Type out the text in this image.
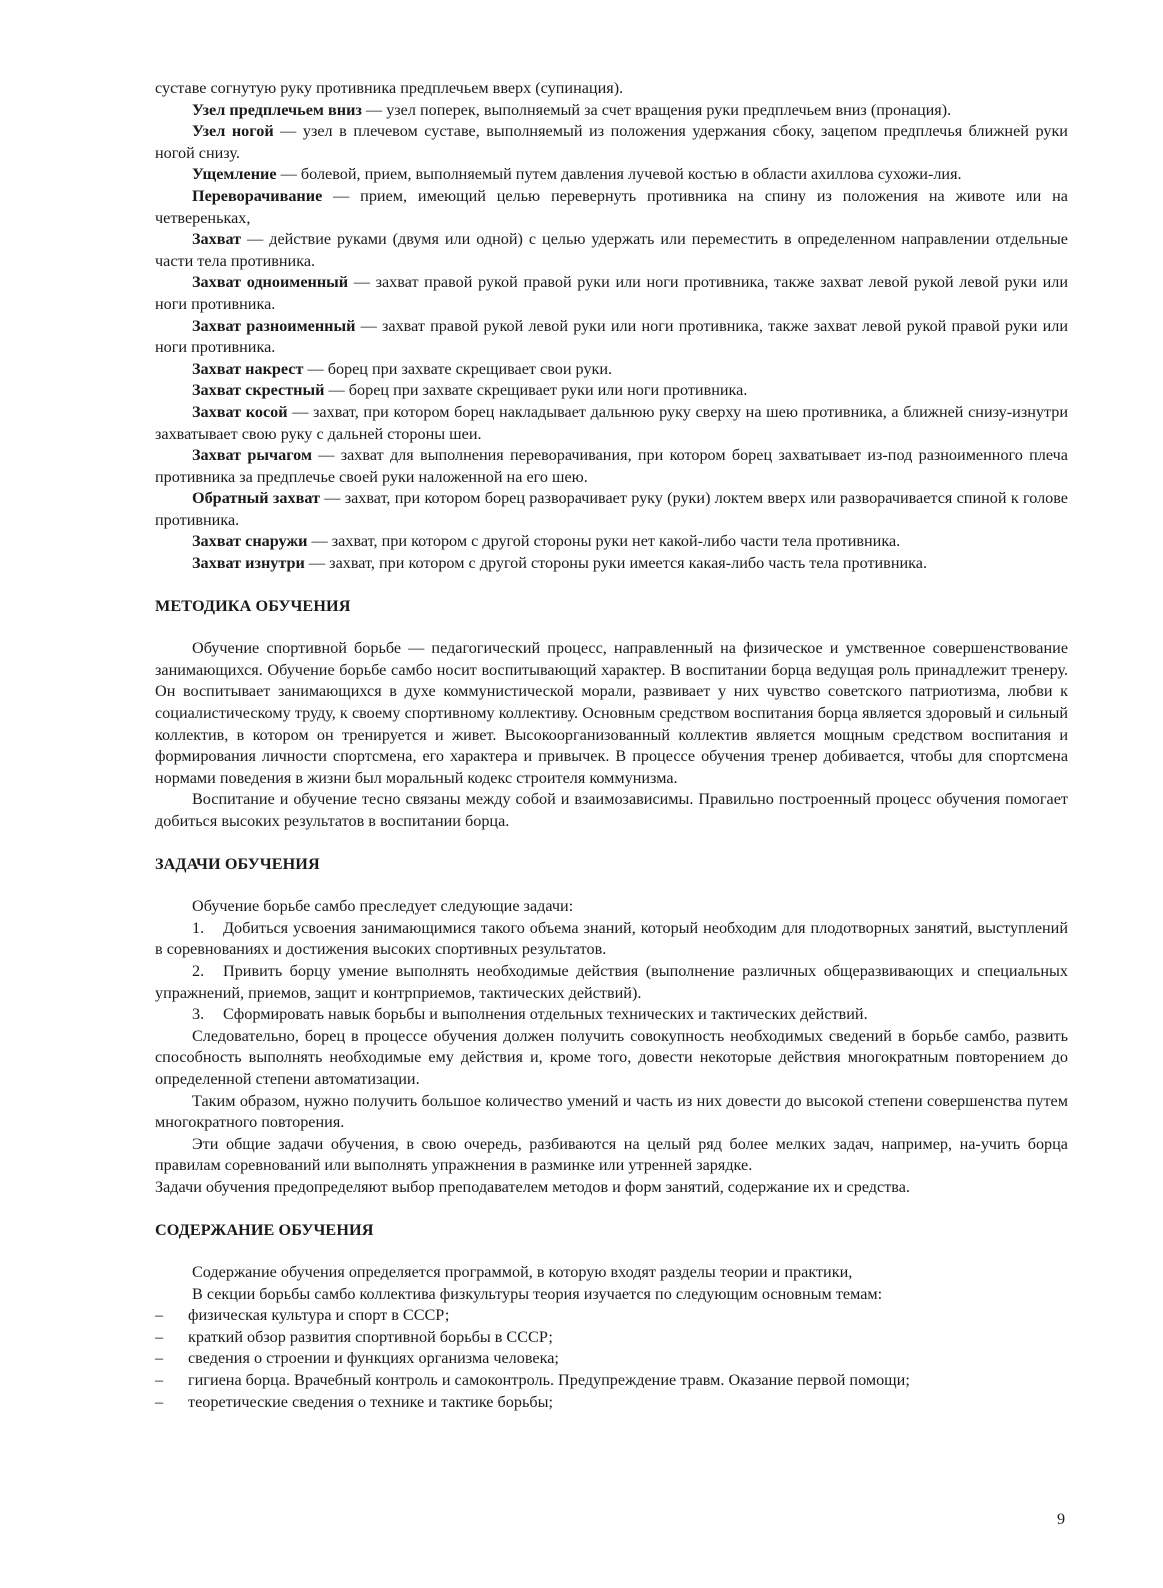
суставе согнутую руку противника предплечьем вверх (супинация).

Узел предплечьем вниз — узел поперек, выполняемый за счет вращения руки предплечьем вниз (пронация).

Узел ногой — узел в плечевом суставе, выполняемый из положения удержания сбоку, зацепом предплечья ближней руки ногой снизу.

Ущемление — болевой, прием, выполняемый путем давления лучевой костью в области ахиллова сухожи-лия.

Переворачивание — прием, имеющий целью перевернуть противника на спину из положения на животе или на четвереньках,

Захват — действие руками (двумя или одной) с целью удержать или переместить в определенном направлении отдельные части тела противника.

Захват одноименный — захват правой рукой правой руки или ноги противника, также захват левой рукой левой руки или ноги противника.

Захват разноименный — захват правой рукой левой руки или ноги противника, также захват левой рукой правой руки или ноги противника.

Захват накрест — борец при захвате скрещивает свои руки.

Захват скрестный — борец при захвате скрещивает руки или ноги противника.

Захват косой — захват, при котором борец накладывает дальнюю руку сверху на шею противника, а ближней снизу-изнутри захватывает свою руку с дальней стороны шеи.

Захват рычагом — захват для выполнения переворачивания, при котором борец захватывает из-под разноименного плеча противника за предплечье своей руки наложенной на его шею.

Обратный захват — захват, при котором борец разворачивает руку (руки) локтем вверх или разворачивается спиной к голове противника.

Захват снаружи — захват, при котором с другой стороны руки нет какой-либо части тела противника.

Захват изнутри — захват, при котором с другой стороны руки имеется какая-либо часть тела противника.

МЕТОДИКА ОБУЧЕНИЯ

Обучение спортивной борьбе — педагогический процесс, направленный на физическое и умственное совершенствование занимающихся. Обучение борьбе самбо носит воспитывающий характер. В воспитании борца ведущая роль принадлежит тренеру. Он воспитывает занимающихся в духе коммунистической морали, развивает у них чувство советского патриотизма, любви к социалистическому труду, к своему спортивному коллективу. Основным средством воспитания борца является здоровый и сильный коллектив, в котором он тренируется и живет. Высокоорганизованный коллектив является мощным средством воспитания и формирования личности спортсмена, его характера и привычек. В процессе обучения тренер добивается, чтобы для спортсмена нормами поведения в жизни был моральный кодекс строителя коммунизма.

Воспитание и обучение тесно связаны между собой и взаимозависимы. Правильно построенный процесс обучения помогает добиться высоких результатов в воспитании борца.

ЗАДАЧИ ОБУЧЕНИЯ

Обучение борьбе самбо преследует следующие задачи:

1. Добиться усвоения занимающимися такого объема знаний, который необходим для плодотворных занятий, выступлений в соревнованиях и достижения высоких спортивных результатов.
2. Привить борцу умение выполнять необходимые действия (выполнение различных общеразвивающих и специальных упражнений, приемов, защит и контрприемов, тактических действий).
3. Сформировать навык борьбы и выполнения отдельных технических и тактических действий.

Следовательно, борец в процессе обучения должен получить совокупность необходимых сведений в борьбе самбо, развить способность выполнять необходимые ему действия и, кроме того, довести некоторые действия многократным повторением до определенной степени автоматизации.

Таким образом, нужно получить большое количество умений и часть из них довести до высокой степени совершенства путем многократного повторения.

Эти общие задачи обучения, в свою очередь, разбиваются на целый ряд более мелких задач, например, на-учить борца правилам соревнований или выполнять упражнения в разминке или утренней зарядке.

Задачи обучения предопределяют выбор преподавателем методов и форм занятий, содержание их и средства.

СОДЕРЖАНИЕ ОБУЧЕНИЯ

Содержание обучения определяется программой, в которую входят разделы теории и практики,

В секции борьбы самбо коллектива физкультуры теория изучается по следующим основным темам:

– физическая культура и спорт в СССР;
– краткий обзор развития спортивной борьбы в СССР;
– сведения о строении и функциях организма человека;
– гигиена борца. Врачебный контроль и самоконтроль. Предупреждение травм. Оказание первой помощи;
– теоретические сведения о технике и тактике борьбы;
9
